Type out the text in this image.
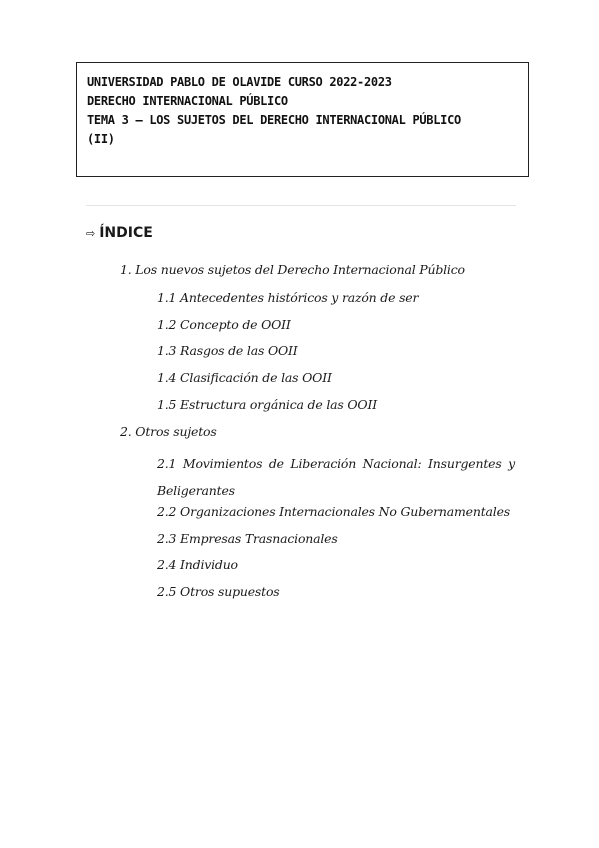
UNIVERSIDAD PABLO DE OLAVIDE CURSO 2022-2023
DERECHO INTERNACIONAL PÚBLICO
TEMA 3 – LOS SUJETOS DEL DERECHO INTERNACIONAL PÚBLICO
(II)
⇨ ÍNDICE
1. Los nuevos sujetos del Derecho Internacional Público
1.1 Antecedentes históricos y razón de ser
1.2 Concepto de OOII
1.3 Rasgos de las OOII
1.4 Clasificación de las OOII
1.5 Estructura orgánica de las OOII
2. Otros sujetos
2.1 Movimientos de Liberación Nacional: Insurgentes y
Beligerantes
2.2 Organizaciones Internacionales No Gubernamentales
2.3 Empresas Trasnacionales
2.4 Individuo
2.5 Otros supuestos
